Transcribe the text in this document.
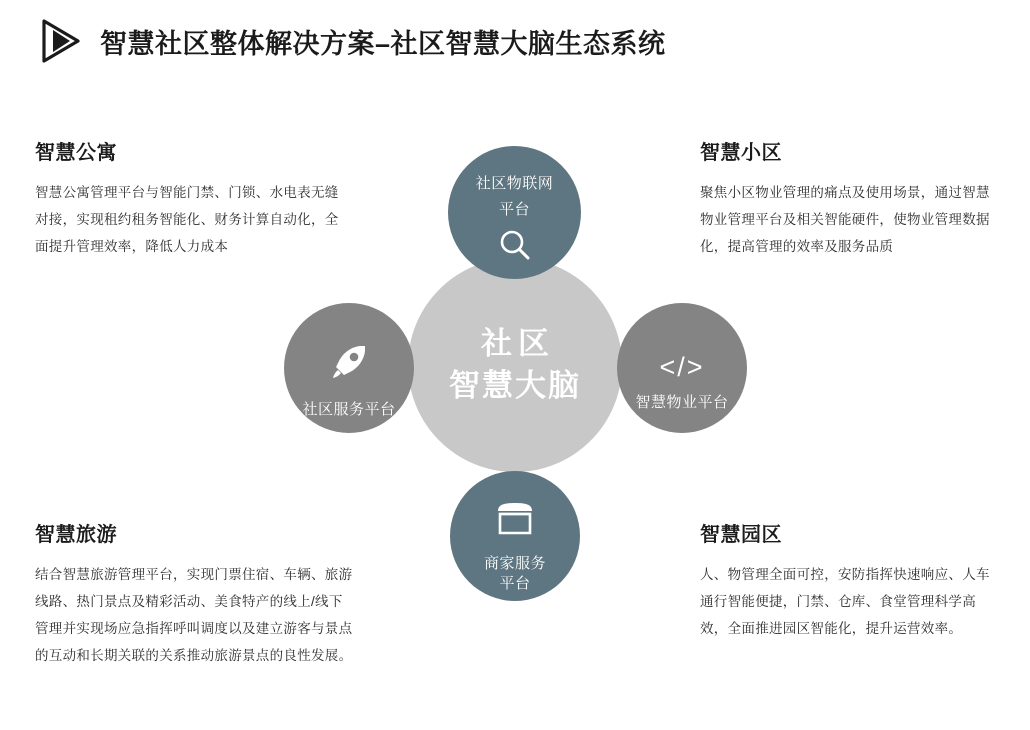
智慧社区整体解决方案–社区智慧大脑生态系统
社区
智慧大脑
社区物联网
平台
社区服务平台
</>
智慧物业平台
商家服务
平台
智慧公寓
智慧公寓管理平台与智能门禁、门锁、水电表无缝对接，实现租约租务智能化、财务计算自动化，全面提升管理效率，降低人力成本
智慧小区
聚焦小区物业管理的痛点及使用场景，通过智慧物业管理平台及相关智能硬件，使物业管理数据化，提高管理的效率及服务品质
智慧旅游
结合智慧旅游管理平台，实现门票住宿、车辆、旅游线路、热门景点及精彩活动、美食特产的线上/线下管理并实现场应急指挥呼叫调度以及建立游客与景点的互动和长期关联的关系推动旅游景点的良性发展。
智慧园区
人、物管理全面可控，安防指挥快速响应、人车通行智能便捷，门禁、仓库、食堂管理科学高效，全面推进园区智能化，提升运营效率。
